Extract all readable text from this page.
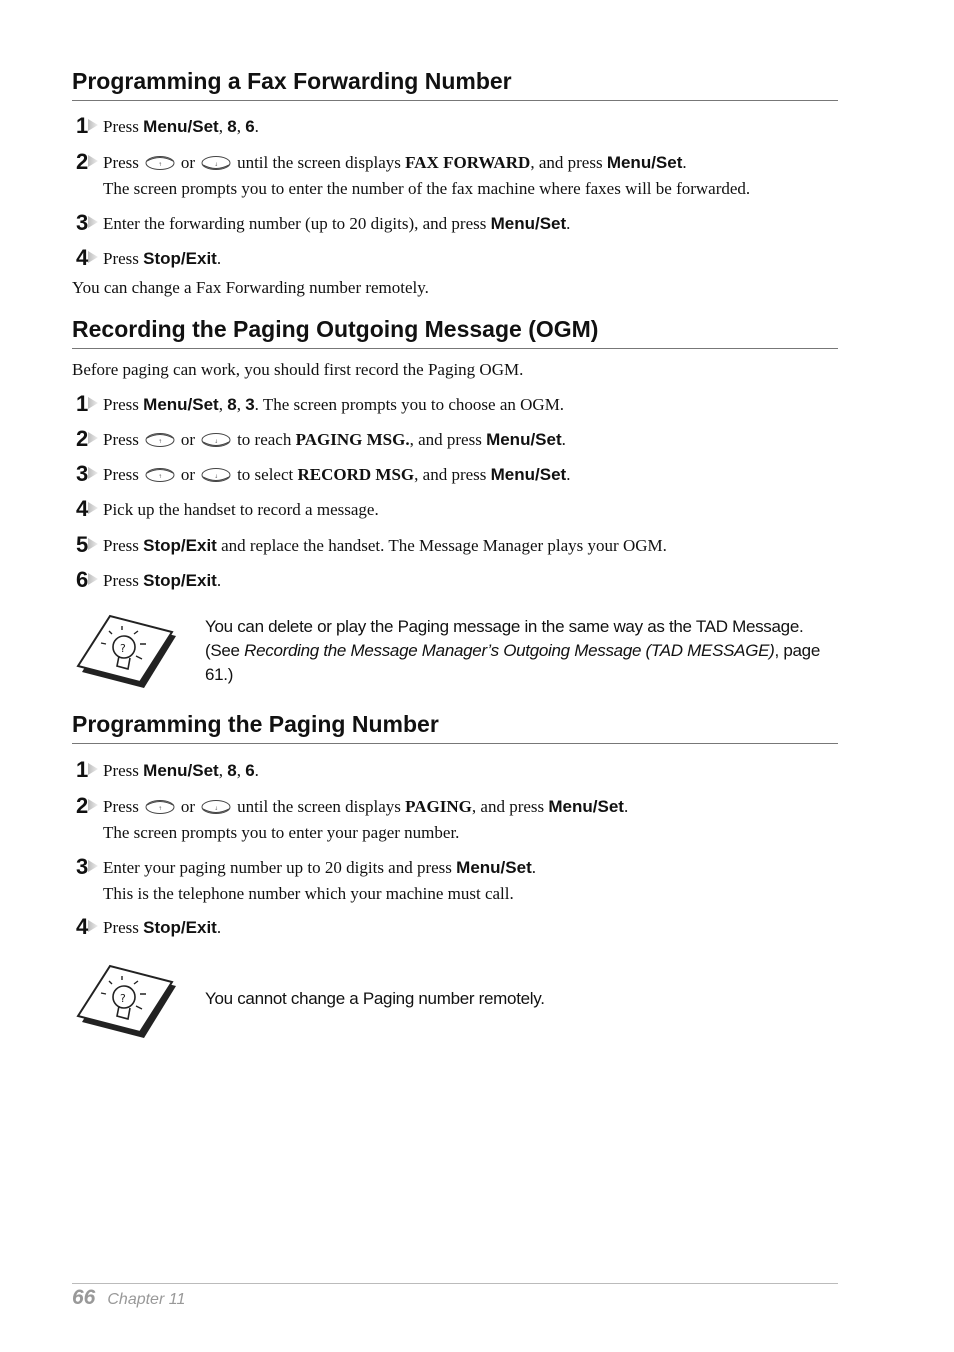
Programming a Fax Forwarding Number
1 Press Menu/Set, 8, 6.
2 Press or until the screen displays FAX FORWARD, and press Menu/Set.
The screen prompts you to enter the number of the fax machine where faxes will be forwarded.
3 Enter the forwarding number (up to 20 digits), and press Menu/Set.
4 Press Stop/Exit.
You can change a Fax Forwarding number remotely.
Recording the Paging Outgoing Message (OGM)
Before paging can work, you should first record the Paging OGM.
1 Press Menu/Set, 8, 3. The screen prompts you to choose an OGM.
2 Press or to reach PAGING MSG., and press Menu/Set.
3 Press or to select RECORD MSG, and press Menu/Set.
4 Pick up the handset to record a message.
5 Press Stop/Exit and replace the handset. The Message Manager plays your OGM.
6 Press Stop/Exit.
You can delete or play the Paging message in the same way as the TAD Message. (See Recording the Message Manager’s Outgoing Message (TAD MESSAGE), page 61.)
Programming the Paging Number
1 Press Menu/Set, 8, 6.
2 Press or until the screen displays PAGING, and press Menu/Set.
The screen prompts you to enter your pager number.
3 Enter your paging number up to 20 digits and press Menu/Set.
This is the telephone number which your machine must call.
4 Press Stop/Exit.
You cannot change a Paging number remotely.
66 Chapter 11
